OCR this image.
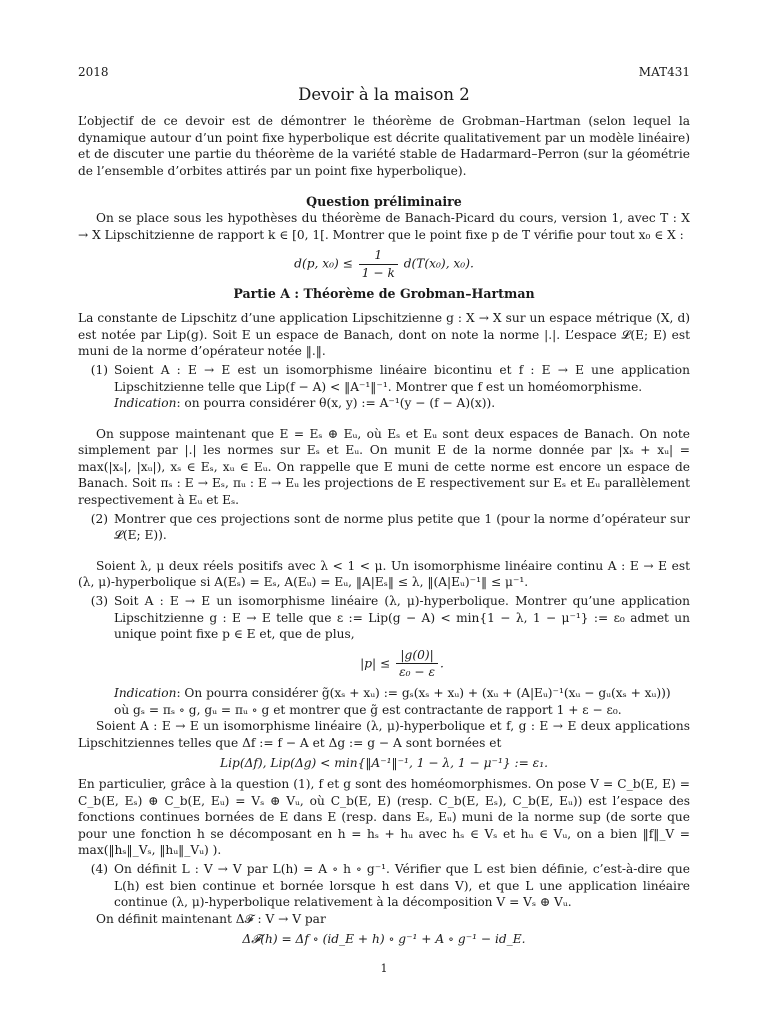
2018	MAT431
Devoir à la maison 2

L’objectif de ce devoir est de démontrer le théorème de Grobman–Hartman (selon lequel la dynamique autour d’un point fixe hyperbolique est décrite qualitativement par un modèle linéaire) et de discuter une partie du théorème de la variété stable de Hadarmard–Perron (sur la géométrie de l’ensemble d’orbites attirés par un point fixe hyperbolique).

Question préliminaire

On se place sous les hypothèses du théorème de Banach-Picard du cours, version 1, avec T : X → X Lipschitzienne de rapport k ∈ [0, 1[. Montrer que le point fixe p de T vérifie pour tout x₀ ∈ X :

d(p, $x_0) \le \frac{1}{1 - k} d(T(x_0)$, x₀).
Partie A : Théorème de Grobman–Hartman

La constante de Lipschitz d’une application Lipschitzienne g : X → X sur un espace métrique (X, d) est notée par Lip(g). Soit E un espace de Banach, dont on note la norme |.|. L’espace 𝓛(E; E) est muni de la norme d’opérateur notée ‖.‖.

(1) Soient A : E → E est un isomorphisme linéaire bicontinu et f : E → E une application Lipschitzienne telle que Lip(f − A) < ‖A⁻¹‖⁻¹. Montrer que f est un homéomorphisme.
Indication: on pourra considérer θ(x, y) := A⁻¹(y − (f − A)(x)).

On suppose maintenant que E = Eₛ ⊕ Eᵤ, où Eₛ et Eᵤ sont deux espaces de Banach. On note simplement par |.| les normes sur Eₛ et Eᵤ. On munit E de la norme donnée par |xₛ + xᵤ| = max(|xₛ|, |xᵤ|), xₛ ∈ Eₛ, xᵤ ∈ Eᵤ. On rappelle que E muni de cette norme est encore un espace de Banach. Soit πₛ : E → Eₛ, πᵤ : E → Eᵤ les projections de E respectivement sur Eₛ et Eᵤ parallèlement respectivement à Eᵤ et Eₛ.

(2) Montrer que ces projections sont de norme plus petite que 1 (pour la norme d’opérateur sur 𝓛(E; E)).

Soient λ, μ deux réels positifs avec λ < 1 < μ. Un isomorphisme linéaire continu A : E → E est (λ, μ)-hyperbolique si A(Eₛ) = Eₛ, A(Eᵤ) = Eᵤ, ‖A|Eₛ‖ ≤ λ, ‖(A|Eᵤ)⁻¹‖ ≤ μ⁻¹.

(3) Soit A : E → E un isomorphisme linéaire (λ, μ)-hyperbolique. Montrer qu’une application Lipschitzienne g : E → E telle que ε := Lip(g − A) < min{1 − λ, 1 − μ⁻¹} := ε₀ admet un unique point fixe p ∈ E et, que de plus,
$|p| \le \frac{|g(0)|}{\text{ε₀ − ε}}$ .
Indication: On pourra considérer g̃(xₛ + xᵤ) := gₛ(xₛ + xᵤ) + (xᵤ + (A|Eᵤ)⁻¹(xᵤ − gᵤ(xₛ + xᵤ)))
où gₛ = πₛ ∘ g, gᵤ = πᵤ ∘ g et montrer que g̃ est contractante de rapport 1 + ε − ε₀.

Soient A : E → E un isomorphisme linéaire (λ, μ)-hyperbolique et f, g : E → E deux applications Lipschitziennes telles que Δf := f − A et Δg := g − A sont bornées et

Lip(Δf), Lip(Δg) < min{‖A⁻¹‖⁻¹, 1 − λ, 1 − μ⁻¹} := ε₁.

En particulier, grâce à la question (1), f et g sont des homéomorphismes. On pose V = C_b(E, E) = C_b(E, Eₛ) ⊕ C_b(E, Eᵤ) = Vₛ ⊕ Vᵤ, où C_b(E, E) (resp. C_b(E, Eₛ), C_b(E, Eᵤ)) est l’espace des fonctions continues bornées de E dans E (resp. dans Eₛ, Eᵤ) muni de la norme sup (de sorte que pour une fonction h se décomposant en h = hₛ + hᵤ avec hₛ ∈ Vₛ et hᵤ ∈ Vᵤ, on a bien ‖f‖_V = max(‖hₛ‖_Vₛ, ‖hᵤ‖_Vᵤ) ).

(4) On définit L : V → V par L(h) = A ∘ h ∘ g⁻¹. Vérifier que L est bien définie, c’est-à-dire que L(h) est bien continue et bornée lorsque h est dans V), et que L une application linéaire continue (λ, μ)-hyperbolique relativement à la décomposition V = Vₛ ⊕ Vᵤ.

On définit maintenant Δ𝓕 : V → V par

Δ𝓕(h) = Δf ∘ (id_E + h) ∘ g⁻¹ + A ∘ g⁻¹ − id_E.
1
